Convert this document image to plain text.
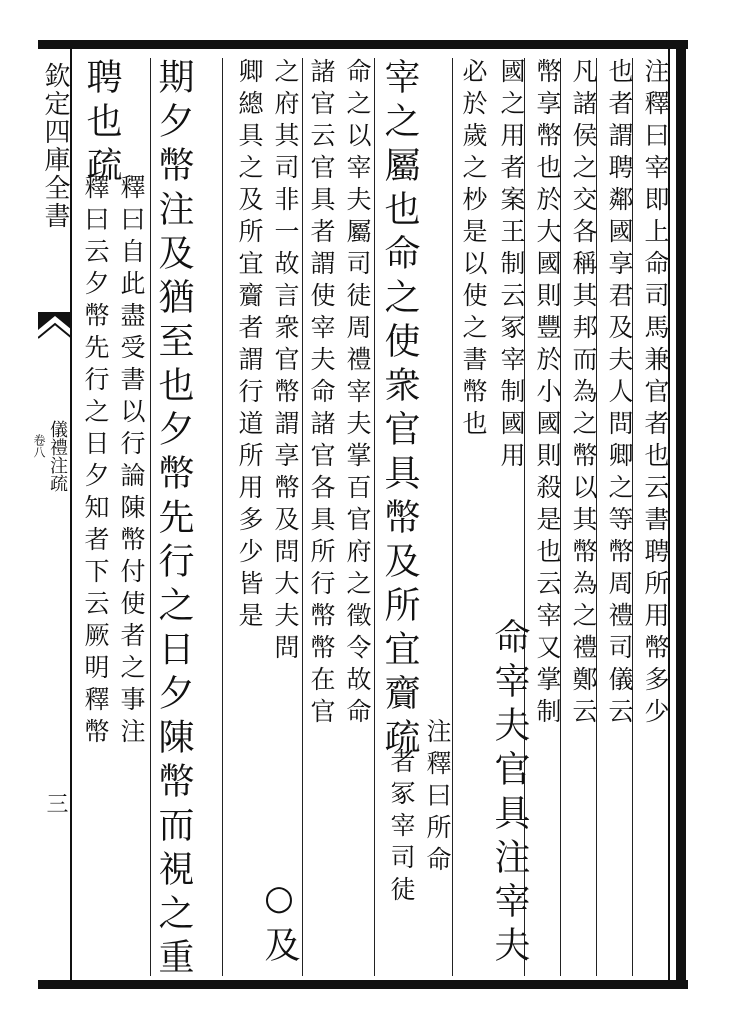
欽定四庫全書
卷八 儀禮注疏
三
注釋曰宰即上命司馬兼官者也云書聘所用幣多少
也者謂聘鄰國享君及夫人問卿之等幣周禮司儀云
凡諸侯之交各稱其邦而為之幣以其幣為之禮鄭云
幣享幣也於大國則豐於小國則殺是也云宰又掌制
國之用者案王制云冢宰制國用
命宰夫官具注宰夫
必於歲之杪是以使之書幣也
宰之屬也命之使衆官具幣及所宜齎疏
注釋曰所命
者冢宰司徒
命之以宰夫屬司徒周禮宰夫掌百官府之徵令故命
諸官云官具者謂使宰夫命諸官各具所行幣幣在官
之府其司非一故言衆官幣謂享幣及問大夫問
卿總具之及所宜齎者謂行道所用多少皆是
○及
期夕幣注及猶至也夕幣先行之日夕陳幣而視之重
聘也疏
釋曰自此盡受書以行論陳幣付使者之事注
釋曰云夕幣先行之日夕知者下云厥明釋幣
